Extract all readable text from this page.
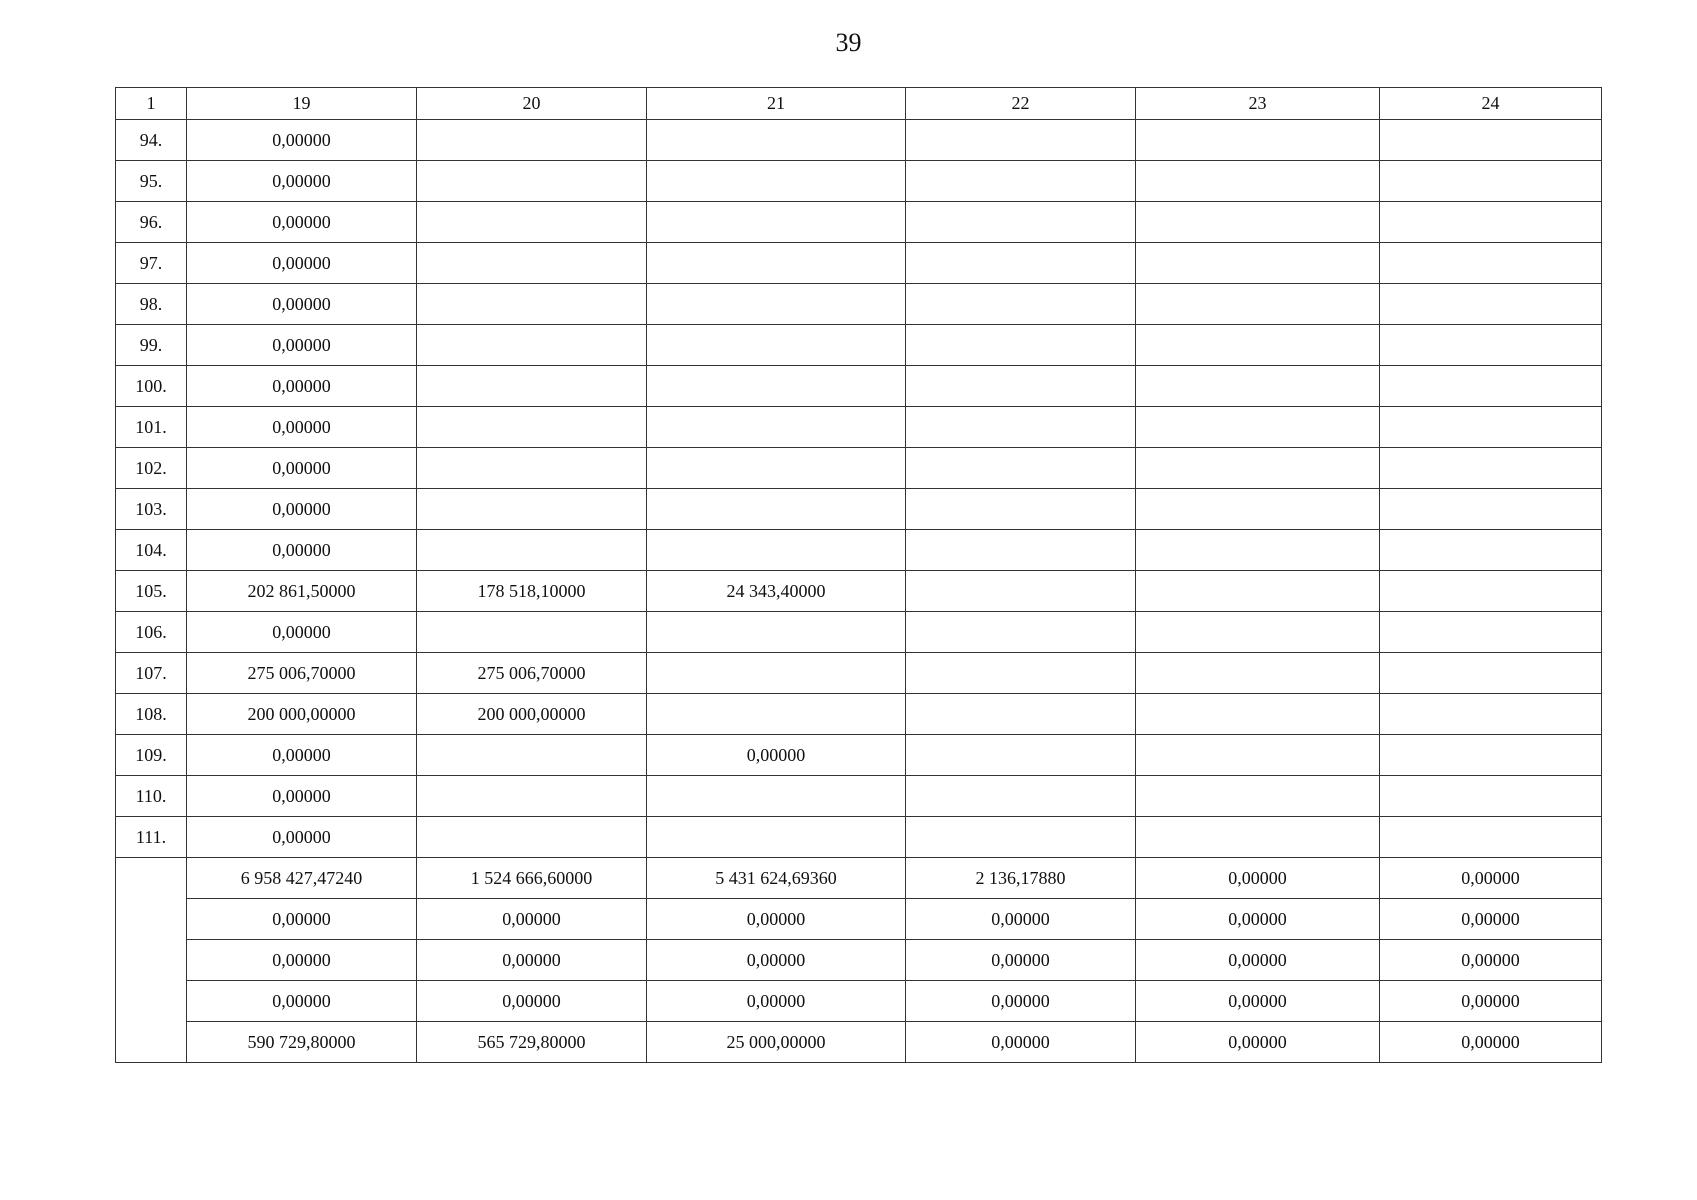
39
1	19	20	21	22	23	24
94.	0,00000					
95.	0,00000					
96.	0,00000					
97.	0,00000					
98.	0,00000					
99.	0,00000					
100.	0,00000					
101.	0,00000					
102.	0,00000					
103.	0,00000					
104.	0,00000					
105.	202 861,50000	178 518,10000	24 343,40000			
106.	0,00000					
107.	275 006,70000	275 006,70000				
108.	200 000,00000	200 000,00000				
109.	0,00000		0,00000			
110.	0,00000					
111.	0,00000					
	6 958 427,47240	1 524 666,60000	5 431 624,69360	2 136,17880	0,00000	0,00000
	0,00000	0,00000	0,00000	0,00000	0,00000	0,00000
	0,00000	0,00000	0,00000	0,00000	0,00000	0,00000
	0,00000	0,00000	0,00000	0,00000	0,00000	0,00000
	590 729,80000	565 729,80000	25 000,00000	0,00000	0,00000	0,00000
